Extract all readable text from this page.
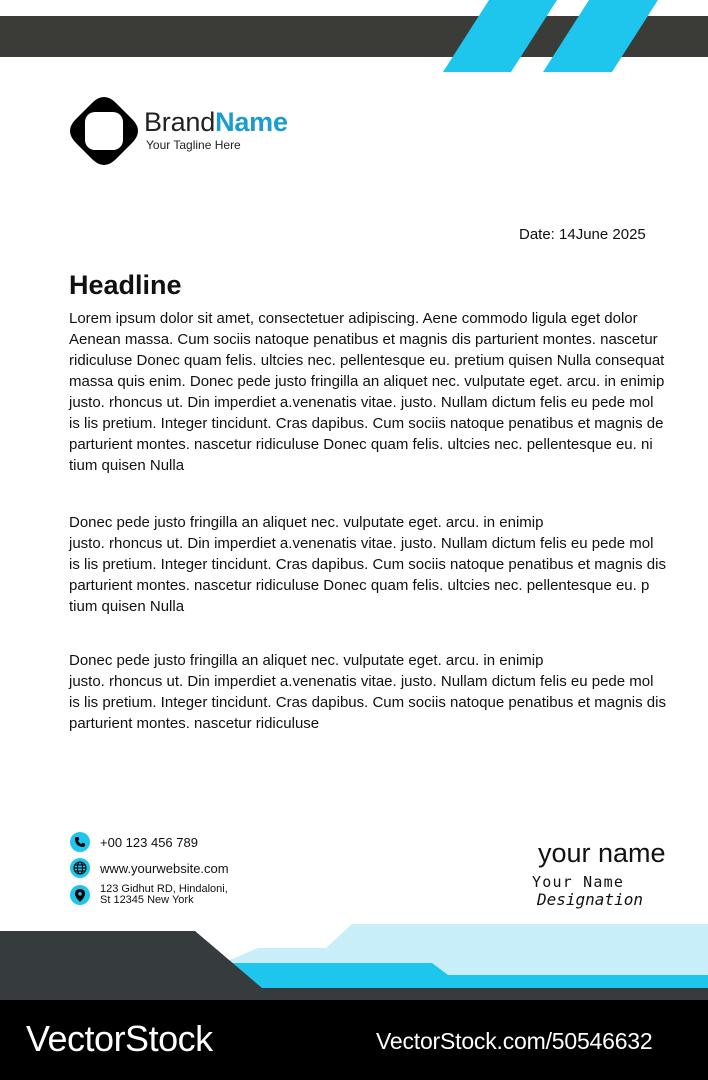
BrandName
Your Tagline Here
Date: 14June 2025
Headline
Lorem ipsum dolor sit amet, consectetuer adipiscing. Aene commodo ligula eget dolor
Aenean massa. Cum sociis natoque penatibus et magnis dis parturient montes. nascetur
ridiculuse Donec quam felis. ultcies nec. pellentesque eu. pretium quisen Nulla consequat
massa quis enim. Donec pede justo fringilla an aliquet nec. vulputate eget. arcu. in enimip
justo. rhoncus ut. Din imperdiet a.venenatis vitae. justo. Nullam dictum felis eu pede mol
is lis pretium. Integer tincidunt. Cras dapibus. Cum sociis natoque penatibus et magnis de
parturient montes. nascetur ridiculuse Donec quam felis. ultcies nec. pellentesque eu. ni
tium quisen Nulla
Donec pede justo fringilla an aliquet nec. vulputate eget. arcu. in enimip
justo. rhoncus ut. Din imperdiet a.venenatis vitae. justo. Nullam dictum felis eu pede mol
is lis pretium. Integer tincidunt. Cras dapibus. Cum sociis natoque penatibus et magnis dis
parturient montes. nascetur ridiculuse Donec quam felis. ultcies nec. pellentesque eu. p
tium quisen Nulla
Donec pede justo fringilla an aliquet nec. vulputate eget. arcu. in enimip
justo. rhoncus ut. Din imperdiet a.venenatis vitae. justo. Nullam dictum felis eu pede mol
is lis pretium. Integer tincidunt. Cras dapibus. Cum sociis natoque penatibus et magnis dis
parturient montes. nascetur ridiculuse
+00 123 456 789
www.yourwebsite.com
123 Gidhut RD, Hindaloni,
St 12345 New York
your name
Your Name
Designation
VectorStock	VectorStock.com/50546632
